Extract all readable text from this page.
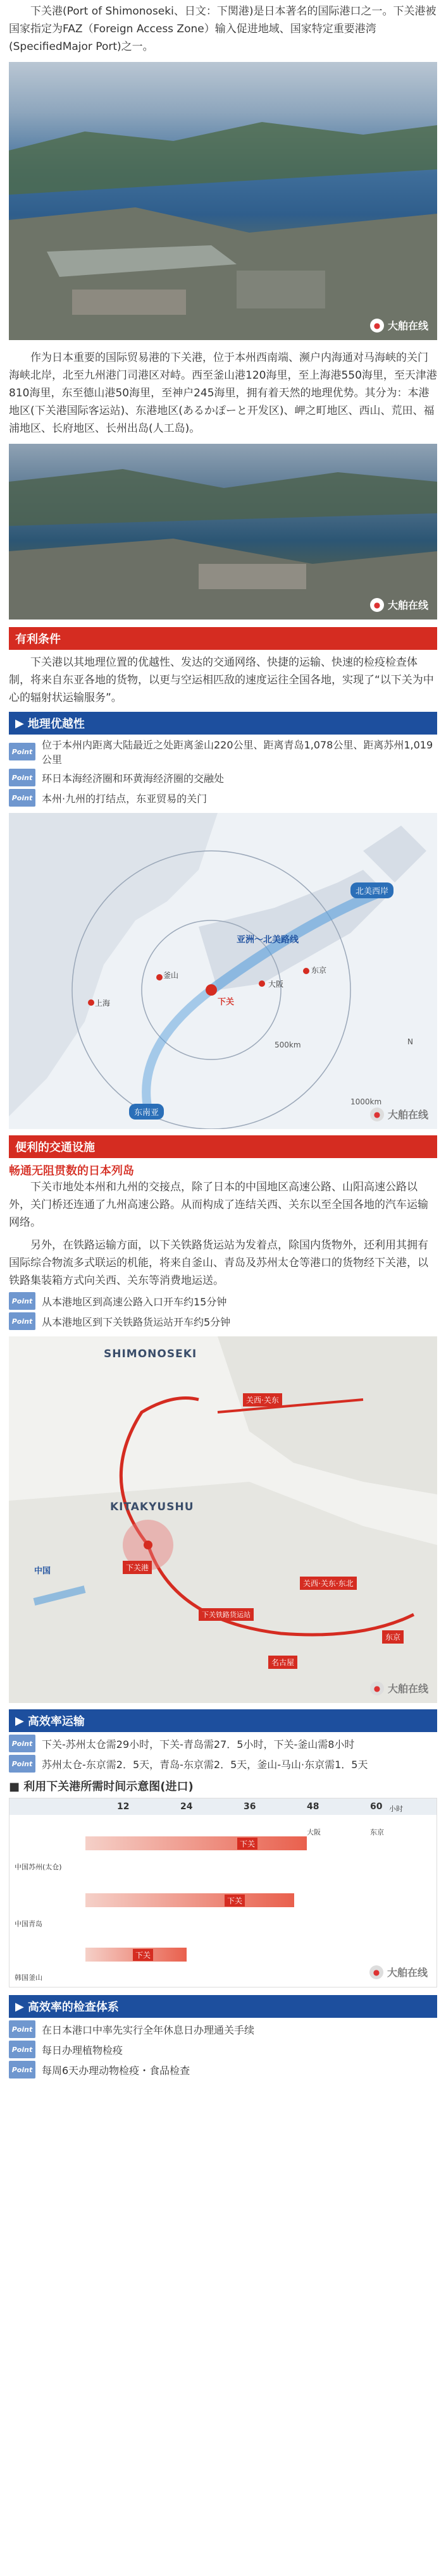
下关港(Port of Shimonoseki、日文：下関港)是日本著名的国际港口之一。下关港被国家指定为FAZ（Foreign Access Zone）输入促进地域、国家特定重要港湾(SpecifiedMajor Port)之一。
● 大舶在线
作为日本重要的国际贸易港的下关港，位于本州西南端、濒户内海通对马海峡的关门海峡北岸，北至九州港门司港区对峙。西至釜山港120海里，至上海港550海里，至天津港810海里，东至德山港50海里，至神户245海里，拥有着天然的地理优势。其分为：本港地区(下关港国际客运站)、东港地区(あるかぽーと开发区)、岬之町地区、西山、荒田、福浦地区、长府地区、长州出岛(人工岛)。
● 大舶在线
有利条件
下关港以其地理位置的优越性、发达的交通网络、快捷的运输、快速的检疫检查体制，将来自东亚各地的货物，以更与空运相匹敌的速度运往全国各地，实现了“以下关为中心的辐射状运输服务”。
▶ 地理优越性
Point
位于本州内距离大陆最近之处距离釜山220公里、距离青岛1,078公里、距离苏州1,019公里
Point 环日本海经济圈和环黄海经济圈的交融处
Point 本州·九州的打结点，东亚贸易的关门
北美西岸
亚洲～北美路线
釜山
大阪
东京
东南亚
上海	下关
500km
1000km
N
● 大舶在线
便利的交通设施
畅通无阻贯数的日本列岛
下关市地处本州和九州的交接点，除了日本的中国地区高速公路、山阳高速公路以外，关门桥还连通了九州高速公路。从而构成了连结关西、关东以至全国各地的汽车运输网络。
另外，在铁路运输方面，以下关铁路货运站为发着点，除国内货物外，还利用其拥有国际综合物流多式联运的机能，将来自釜山、青岛及苏州太仓等港口的货物经下关港，以铁路集装箱方式向关西、关东等消费地运送。
Point 从本港地区到高速公路入口开车约15分钟
Point 从本港地区到下关铁路货运站开车约5分钟
SHIMONOSEKI
KITAKYUSHU
下关港
中国
关西·关东
关西·关东·东北
东京
名古屋
下关铁路货运站
● 大舶在线
▶ 高效率运输
Point 下关-苏州太仓需29小时，下关-青岛需27．5小时，下关-釜山需8小时
Point 苏州太仓-东京需2．5天，青岛-东京需2．5天，釜山-马山·东京需1．5天
■ 利用下关港所需时间示意图(进口)
12	24	36	48	60 小时
下关
中国苏州(太仓)
下关
中国青岛
下关
韩国釜山
大阪	东京
● 大舶在线
▶ 高效率的检查体系
Point 在日本港口中率先实行全年休息日办理通关手续
Point 每日办理植物检疫
Point 每周6天办理动物检疫・食品检查
